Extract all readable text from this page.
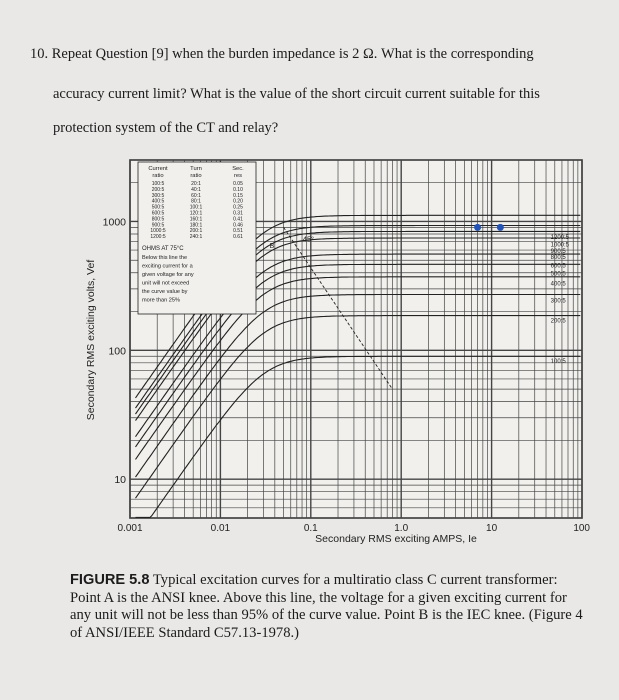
10. Repeat Question [9] when the burden impedance is 2 Ω. What is the corresponding
accuracy current limit? What is the value of the short circuit current suitable for this
protection system of the CT and relay?
0.001	0.01	0.1	1.0	10	100
1000
100
10
Secondary RMS exciting AMPS, Ie
Secondary RMS exciting volts, Vef
45°
B
1200:5
1000:5
900:5
800:5
600:5
500:5
400:5
300:5
200:5
100:5
Current
ratio
Turn
ratio
Sec.
res
100:5	20:1	0.05
200:5	40:1	0.10
300:5	60:1	0.15
400:5	80:1	0.20
500:5	100:1	0.25
600:5	120:1	0.31
800:5	160:1	0.41
900:5	180:1	0.46
1000:5	200:1	0.51
1200:5	240:1	0.61
OHMS AT 75°C
Below this line the
exciting current for a
given voltage for any
unit will not exceed
the curve value by
more than 25%
FIGURE 5.8 Typical excitation curves for a multiratio class C current transformer:
Point A is the ANSI knee. Above this line, the voltage for a given exciting current for
any unit will not be less than 95% of the curve value. Point B is the IEC knee. (Figure 4
of ANSI/IEEE Standard C57.13-1978.)
